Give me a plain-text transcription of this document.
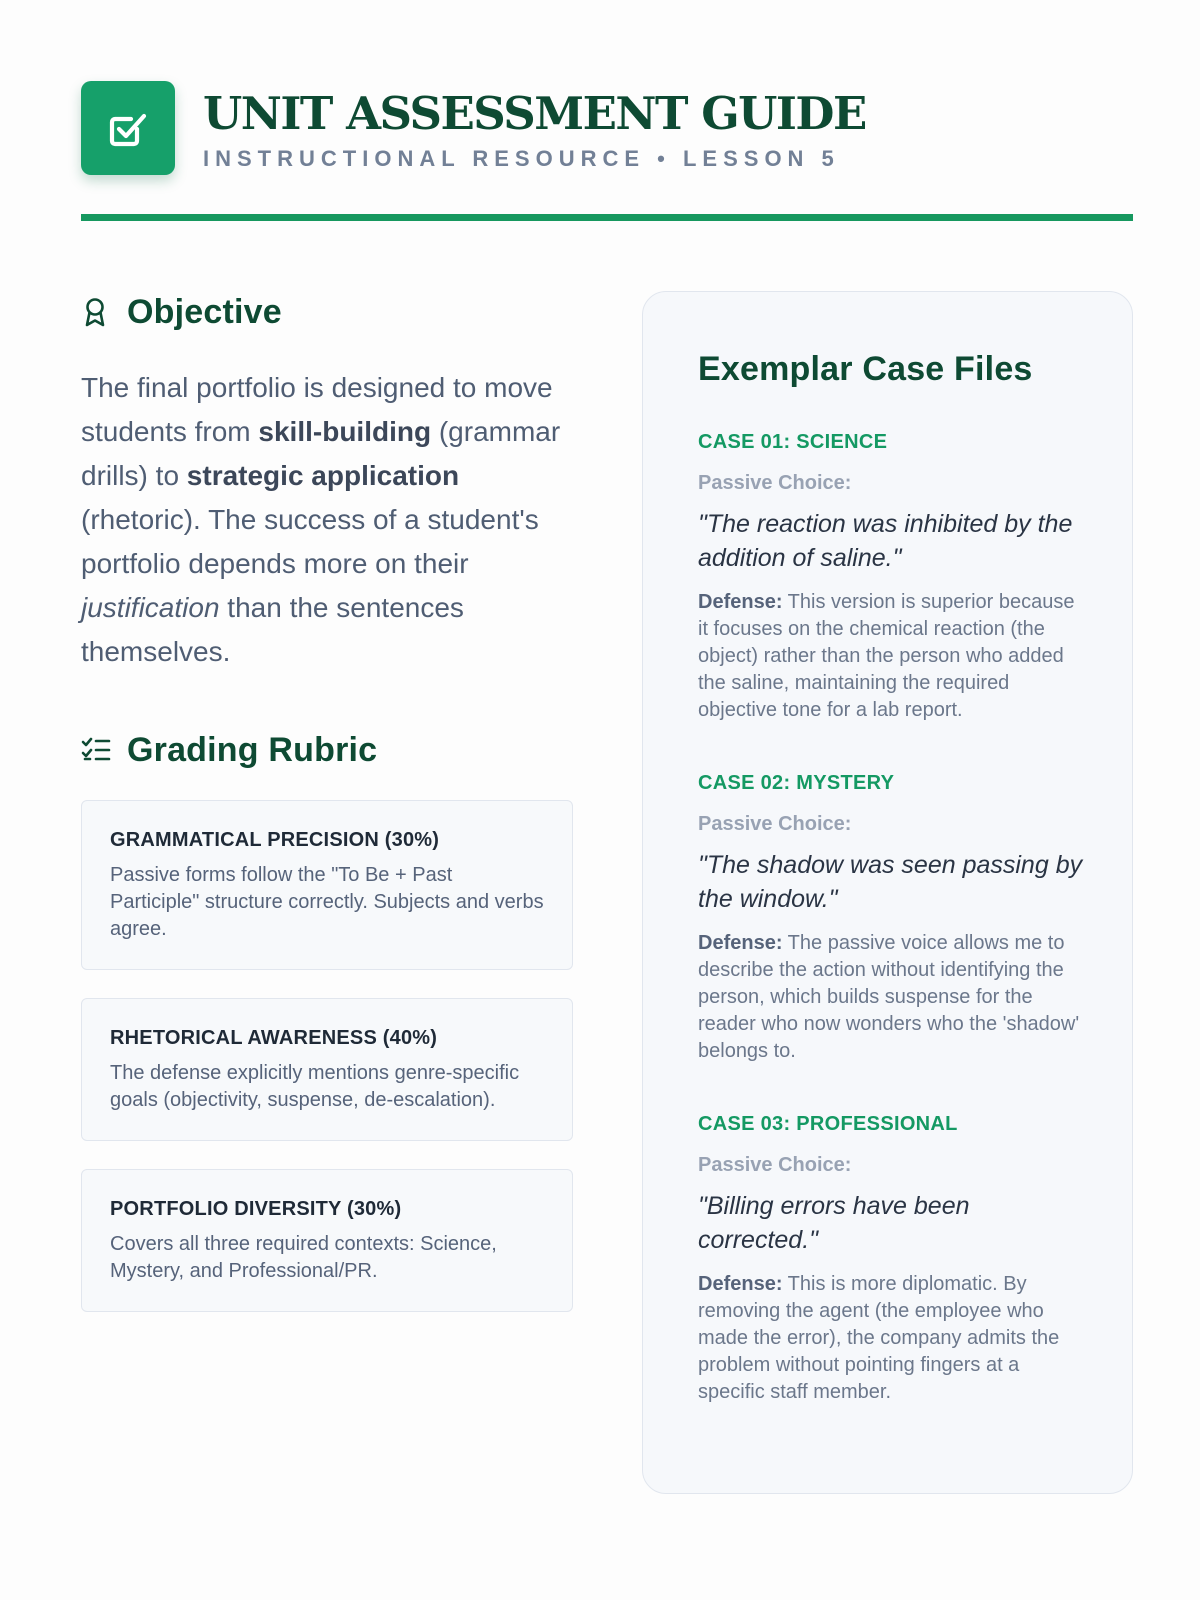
UNIT ASSESSMENT GUIDE
INSTRUCTIONAL RESOURCE • LESSON 5
Objective

The final portfolio is designed to move students from skill-building (grammar drills) to strategic application (rhetoric). The success of a student's portfolio depends more on their justification than the sentences themselves.

Grading Rubric
GRAMMATICAL PRECISION (30%)
Passive forms follow the "To Be + Past Participle" structure correctly. Subjects and verbs agree.
RHETORICAL AWARENESS (40%)
The defense explicitly mentions genre-specific goals (objectivity, suspense, de-escalation).
PORTFOLIO DIVERSITY (30%)
Covers all three required contexts: Science, Mystery, and Professional/PR.
Exemplar Case Files
CASE 01: SCIENCE
Passive Choice:
"The reaction was inhibited by the addition of saline."

Defense: This version is superior because it focuses on the chemical reaction (the object) rather than the person who added the saline, maintaining the required objective tone for a lab report.

CASE 02: MYSTERY
Passive Choice:
"The shadow was seen passing by the window."

Defense: The passive voice allows me to describe the action without identifying the person, which builds suspense for the reader who now wonders who the 'shadow' belongs to.

CASE 03: PROFESSIONAL
Passive Choice:
"Billing errors have been corrected."

Defense: This is more diplomatic. By removing the agent (the employee who made the error), the company admits the problem without pointing fingers at a specific staff member.
